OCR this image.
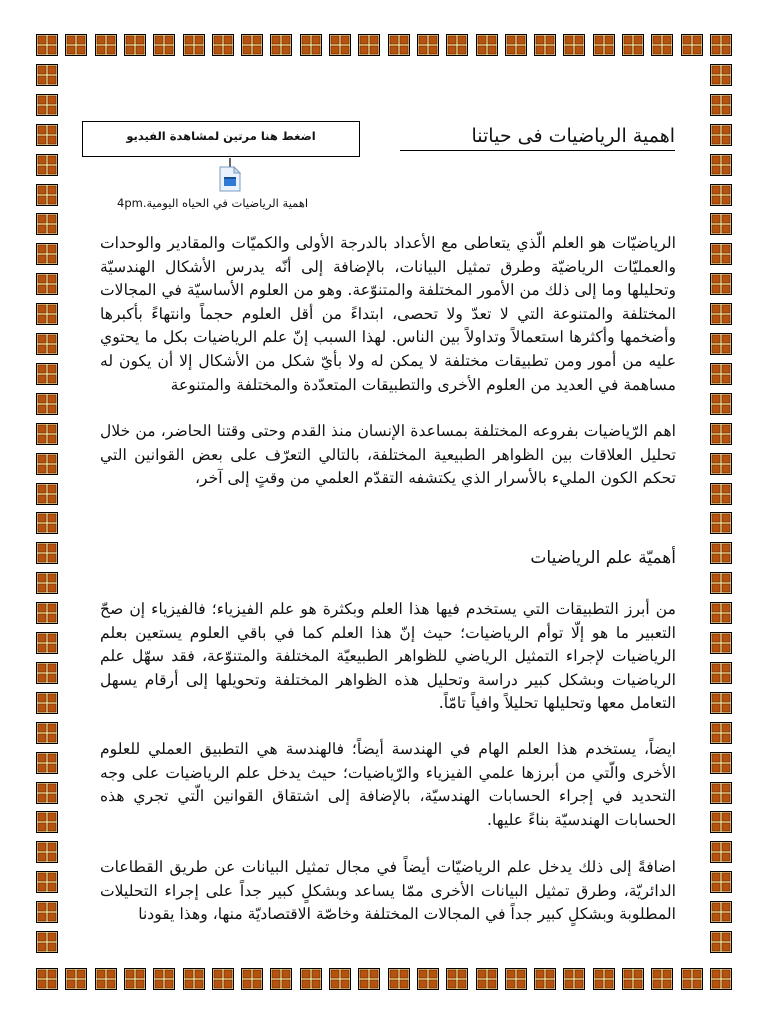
اضغط هنا مرتين لمشاهدة الفيديو
اهمية الرياضيات في الحياه اليومية.4pm
اهمية الرياضيات فى حياتنا
الرياضيّات هو العلم الّذي يتعاطى مع الأعداد بالدرجة الأولى والكميّات والمقادير والوحدات والعمليّات الرياضيّة وطرق تمثيل البيانات، بالإضافة إلى أنّه يدرس الأشكال الهندسيّة وتحليلها وما إلى ذلك من الأمور المختلفة والمتنوّعة. وهو من العلوم الأساسيّة في المجالات المختلفة والمتنوعة التي لا تعدّ ولا تحصى، ابتداءً من أقل العلوم حجماً وانتهاءً بأكبرها وأضخمها وأكثرها استعمالاً وتداولاً بين الناس. لهذا السبب إنّ علم الرياضيات بكل ما يحتوي عليه من أمور ومن تطبيقات مختلفة لا يمكن له ولا بأيّ شكل من الأشكال إلا أن يكون له مساهمة في العديد من العلوم الأخرى والتطبيقات المتعدّدة والمختلفة والمتنوعة
اهم الرّياضيات بفروعه المختلفة بمساعدة الإنسان منذ القدم وحتى وقتنا الحاضر، من خلال تحليل العلاقات بين الظواهر الطبيعية المختلفة، بالتالي التعرّف على بعض القوانين التي تحكم الكون المليء بالأسرار الذي يكتشفه التقدّم العلمي من وقتٍ إلى آخر،
أهميّة علم الرياضيات
من أبرز التطبيقات التي يستخدم فيها هذا العلم وبكثرة هو علم الفيزياء؛ فالفيزياء إن صحّ التعبير ما هو إلّا توأم الرياضيات؛ حيث إنّ هذا العلم كما في باقي العلوم يستعين بعلم الرياضيات لإجراء التمثيل الرياضي للظواهر الطبيعيّة المختلفة والمتنوّعة، فقد سهّل علم الرياضيات وبشكل كبير دراسة وتحليل هذه الظواهر المختلفة وتحويلها إلى أرقام يسهل التعامل معها وتحليلها تحليلاً وافياً تامّاً.
ايضاً، يستخدم هذا العلم الهام في الهندسة أيضاً؛ فالهندسة هي التطبيق العملي للعلوم الأخرى والّتي من أبرزها علمي الفيزياء والرّياضيات؛ حيث يدخل علم الرياضيات على وجه التحديد في إجراء الحسابات الهندسيّة، بالإضافة إلى اشتقاق القوانين الّتي تجري هذه الحسابات الهندسيّة بناءً عليها.
اضافةً إلى ذلك يدخل علم الرياضيّات أيضاً في مجال تمثيل البيانات عن طريق القطاعات الدائريّة، وطرق تمثيل البيانات الأخرى ممّا يساعد وبشكلٍ كبير جداً على إجراء التحليلات المطلوبة وبشكلٍ كبير جداً في المجالات المختلفة وخاصّة الاقتصاديّة منها، وهذا يقودنا
